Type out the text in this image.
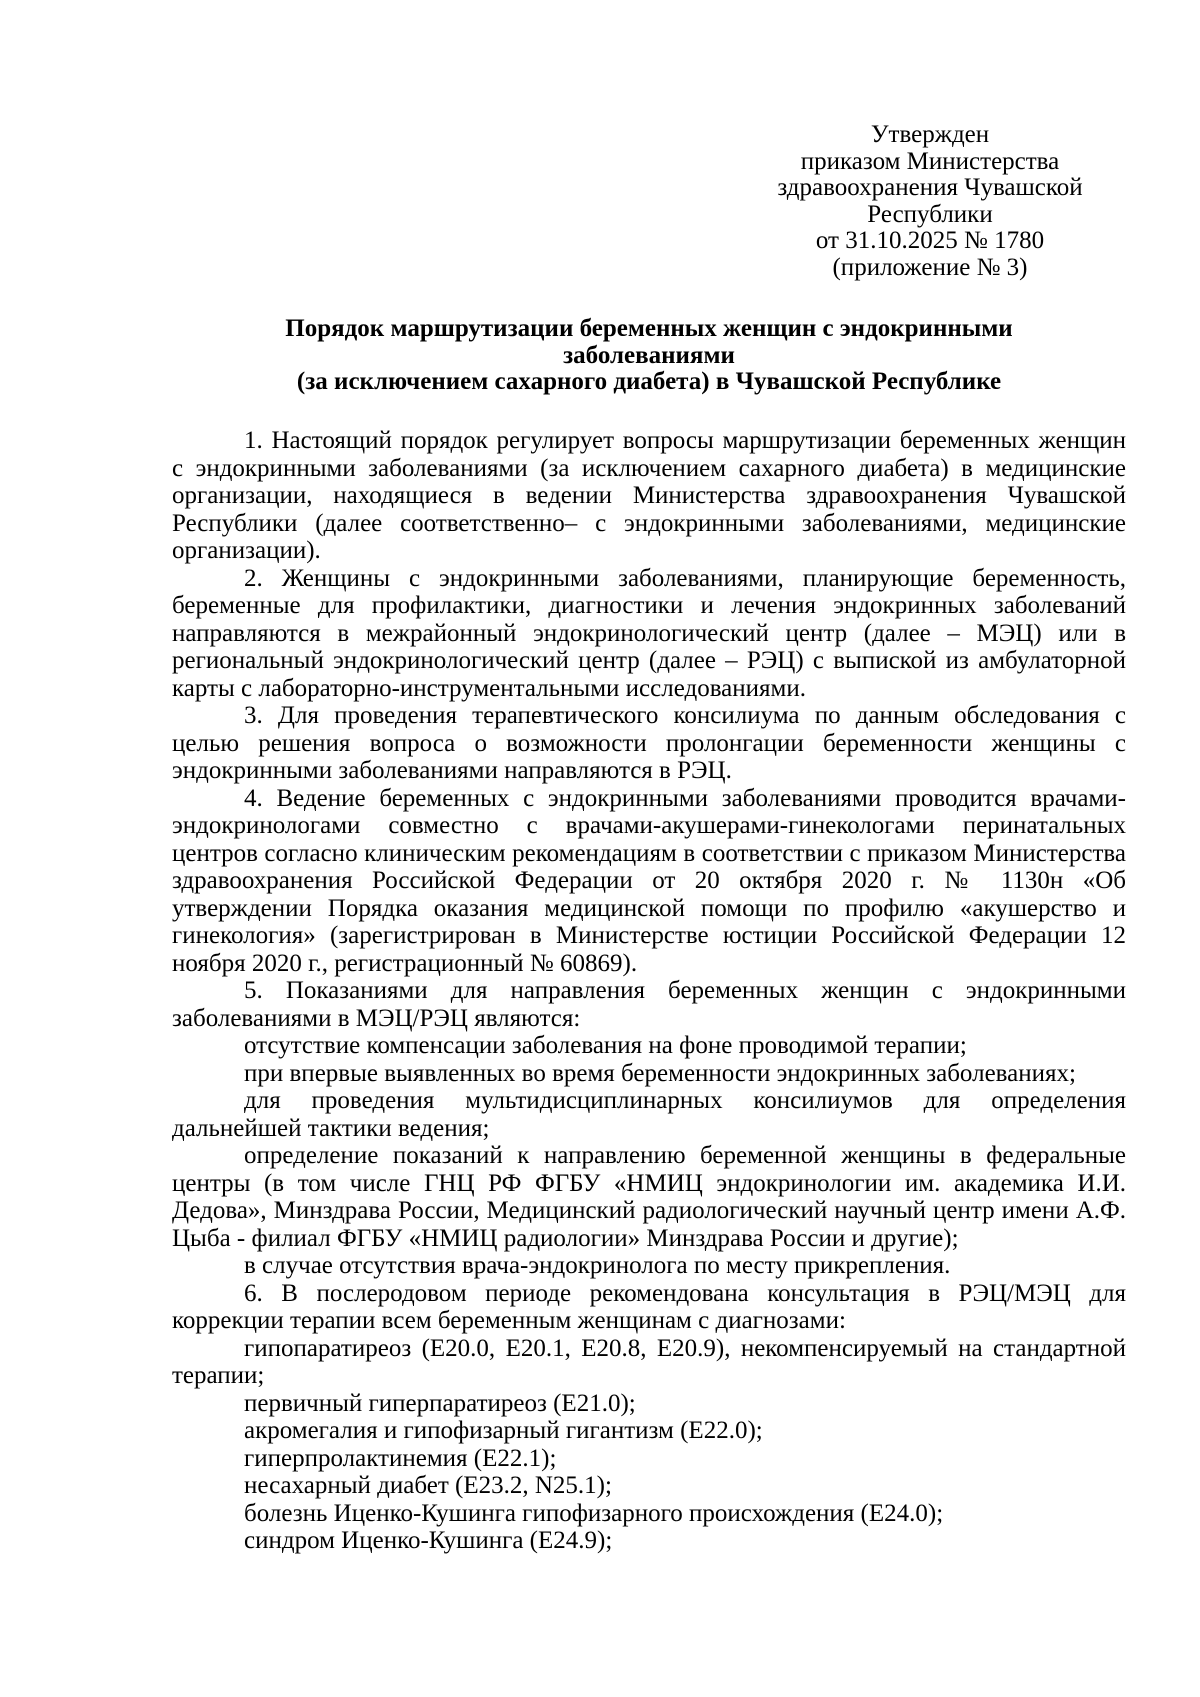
Утвержден
приказом Министерства
здравоохранения Чувашской
Республики
от 31.10.2025 № 1780
(приложение № 3)
Порядок маршрутизации беременных женщин с эндокринными
заболеваниями
(за исключением сахарного диабета) в Чувашской Республике

1. Настоящий порядок регулирует вопросы маршрутизации беременных женщин с эндокринными заболеваниями (за исключением сахарного диабета) в медицинские организации, находящиеся в ведении Министерства здравоохранения Чувашской Республики (далее соответственно– с эндокринными заболеваниями, медицинские организации).

2. Женщины с эндокринными заболеваниями, планирующие беременность, беременные для профилактики, диагностики и лечения эндокринных заболеваний направляются в межрайонный эндокринологический центр (далее – МЭЦ) или в региональный эндокринологический центр (далее – РЭЦ) с выпиской из амбулаторной карты с лабораторно-инструментальными исследованиями.

3. Для проведения терапевтического консилиума по данным обследования с целью решения вопроса о возможности пролонгации беременности женщины с эндокринными заболеваниями направляются в РЭЦ.

4. Ведение беременных с эндокринными заболеваниями проводится врачами-эндокринологами совместно с врачами-акушерами-гинекологами перинатальных центров согласно клиническим рекомендациям в соответствии с приказом Министерства здравоохранения Российской Федерации от 20 октября 2020 г. № 1130н «Об утверждении Порядка оказания медицинской помощи по профилю «акушерство и гинекология» (зарегистрирован в Министерстве юстиции Российской Федерации 12 ноября 2020 г., регистрационный № 60869).

5. Показаниями для направления беременных женщин с эндокринными заболеваниями в МЭЦ/РЭЦ являются:

отсутствие компенсации заболевания на фоне проводимой терапии;

при впервые выявленных во время беременности эндокринных заболеваниях;

для проведения мультидисциплинарных консилиумов для определения дальнейшей тактики ведения;

определение показаний к направлению беременной женщины в федеральные центры (в том числе ГНЦ РФ ФГБУ «НМИЦ эндокринологии им. академика И.И. Дедова», Минздрава России, Медицинский радиологический научный центр имени А.Ф. Цыба - филиал ФГБУ «НМИЦ радиологии» Минздрава России и другие);

в случае отсутствия врача-эндокринолога по месту прикрепления.

6. В послеродовом периоде рекомендована консультация в РЭЦ/МЭЦ для коррекции терапии всем беременным женщинам с диагнозами:

гипопаратиреоз (E20.0, E20.1, E20.8, E20.9), некомпенсируемый на стандартной терапии;

первичный гиперпаратиреоз (E21.0);

акромегалия и гипофизарный гигантизм (E22.0);

гиперпролактинемия (E22.1);

несахарный диабет (E23.2, N25.1);

болезнь Иценко-Кушинга гипофизарного происхождения (E24.0);

синдром Иценко-Кушинга (E24.9);
